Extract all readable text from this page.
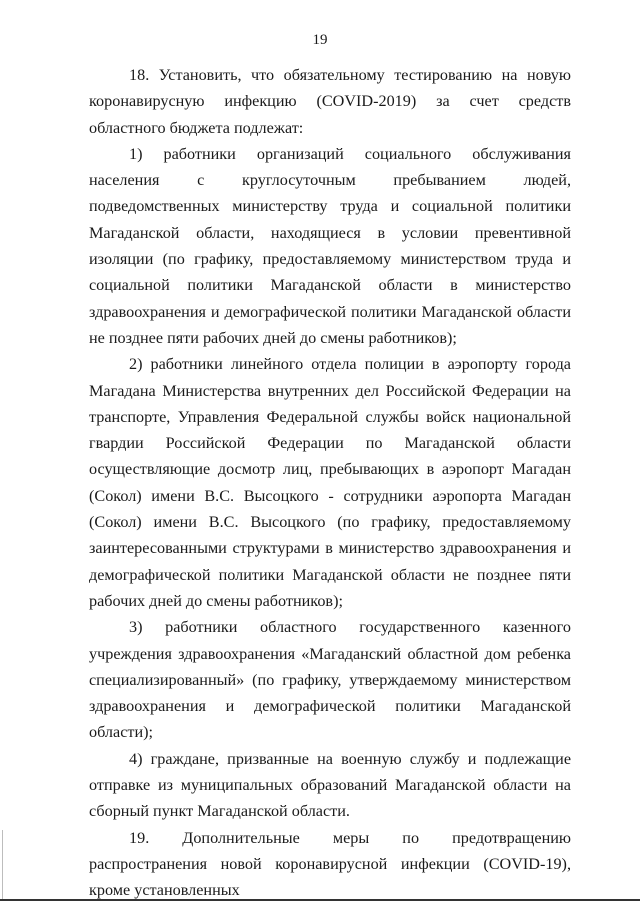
19

18. Установить, что обязательному тестированию на новую коронавирусную инфекцию (COVID-2019) за счет средств областного бюджета подлежат:

1) работники организаций социального обслуживания населения с круглосуточным пребыванием людей, подведомственных министерству труда и социальной политики Магаданской области, находящиеся в условии превентивной изоляции (по графику, предоставляемому министерством труда и социальной политики Магаданской области в министерство здравоохранения и демографической политики Магаданской области не позднее пяти рабочих дней до смены работников);

2) работники линейного отдела полиции в аэропорту города Магадана Министерства внутренних дел Российской Федерации на транспорте, Управления Федеральной службы войск национальной гвардии Российской Федерации по Магаданской области осуществляющие досмотр лиц, пребывающих в аэропорт Магадан (Сокол) имени В.С. Высоцкого - сотрудники аэропорта Магадан (Сокол) имени В.С. Высоцкого (по графику, предоставляемому заинтересованными структурами в министерство здравоохранения и демографической политики Магаданской области не позднее пяти рабочих дней до смены работников);

3) работники областного государственного казенного учреждения здравоохранения «Магаданский областной дом ребенка специализированный» (по графику, утверждаемому министерством здравоохранения и демографической политики Магаданской области);

4) граждане, призванные на военную службу и подлежащие отправке из муниципальных образований Магаданской области на сборный пункт Магаданской области.

19. Дополнительные меры по предотвращению распространения новой коронавирусной инфекции (COVID-19), кроме установленных
